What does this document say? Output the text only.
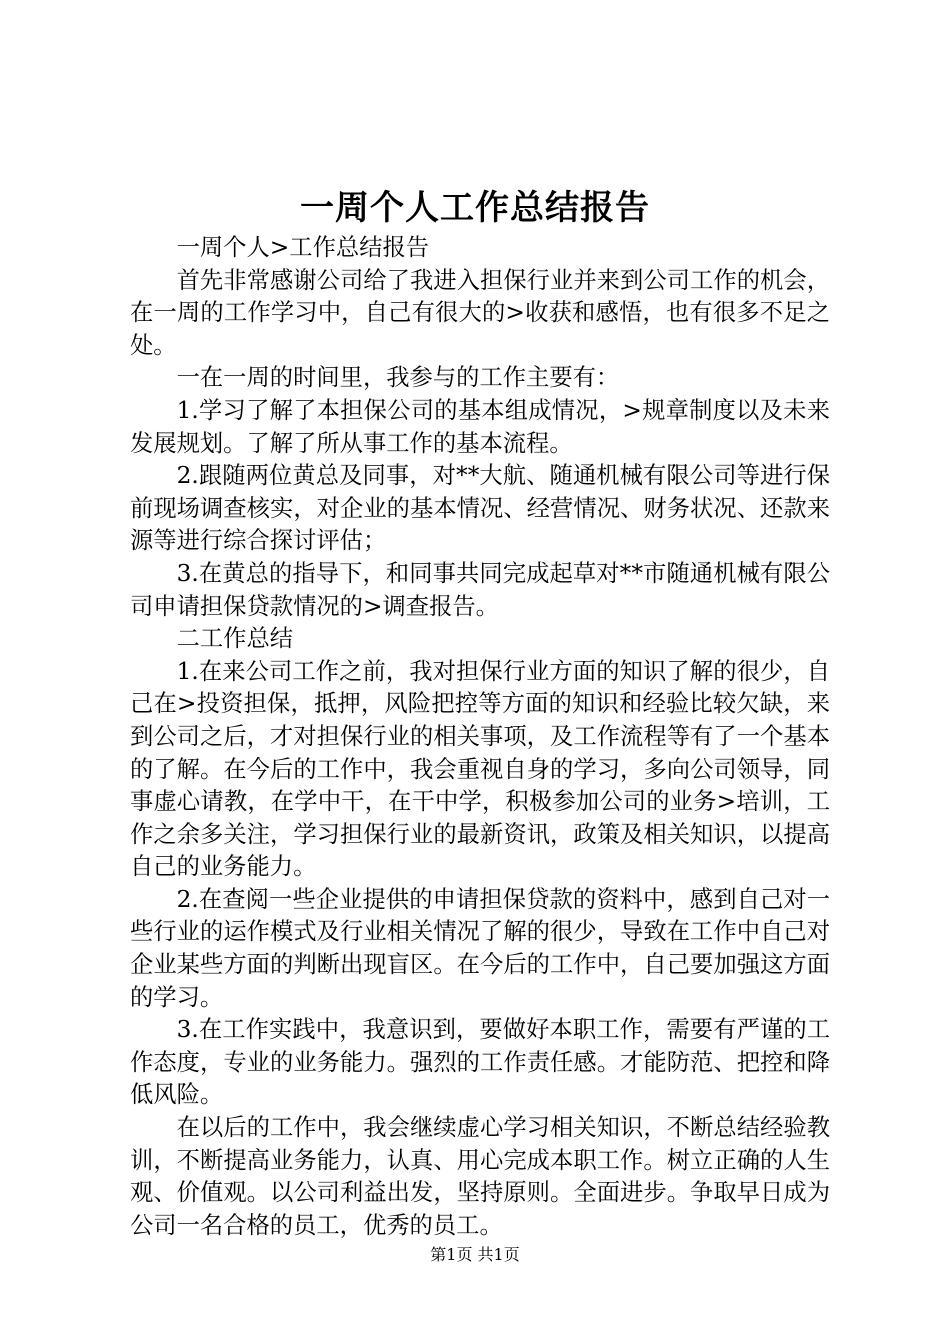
一周个人工作总结报告

一周个人>工作总结报告

首先非常感谢公司给了我进入担保行业并来到公司工作的机会，在一周的工作学习中，自己有很大的>收获和感悟，也有很多不足之处。

一在一周的时间里，我参与的工作主要有：

1.学习了解了本担保公司的基本组成情况，>规章制度以及未来发展规划。了解了所从事工作的基本流程。

2.跟随两位黄总及同事，对**大航、随通机械有限公司等进行保前现场调查核实，对企业的基本情况、经营情况、财务状况、还款来源等进行综合探讨评估；

3.在黄总的指导下，和同事共同完成起草对**市随通机械有限公司申请担保贷款情况的>调查报告。

二工作总结

1.在来公司工作之前，我对担保行业方面的知识了解的很少，自己在>投资担保，抵押，风险把控等方面的知识和经验比较欠缺，来到公司之后，才对担保行业的相关事项，及工作流程等有了一个基本的了解。在今后的工作中，我会重视自身的学习，多向公司领导，同事虚心请教，在学中干，在干中学，积极参加公司的业务>培训，工作之余多关注，学习担保行业的最新资讯，政策及相关知识，以提高自己的业务能力。

2.在查阅一些企业提供的申请担保贷款的资料中，感到自己对一些行业的运作模式及行业相关情况了解的很少，导致在工作中自己对企业某些方面的判断出现盲区。在今后的工作中，自己要加强这方面的学习。

3.在工作实践中，我意识到，要做好本职工作，需要有严谨的工作态度，专业的业务能力。强烈的工作责任感。才能防范、把控和降低风险。

在以后的工作中，我会继续虚心学习相关知识，不断总结经验教训，不断提高业务能力，认真、用心完成本职工作。树立正确的人生观、价值观。以公司利益出发，坚持原则。全面进步。争取早日成为公司一名合格的员工，优秀的员工。

第1页 共1页
